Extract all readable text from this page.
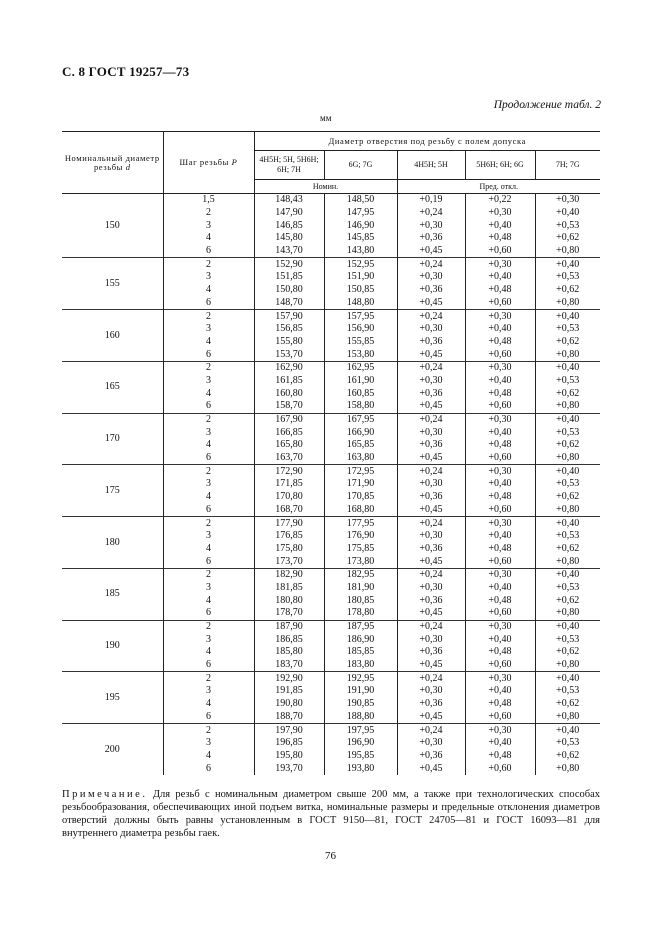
С. 8 ГОСТ 19257—73
Продолжение табл. 2
мм
Номинальный диаметр резьбы d	Шаг резьбы P	Диаметр отверстия под резьбу с полем допуска				
		4Н5Н; 5Н, 5Н6Н; 6Н; 7Н	6G; 7G	4Н5Н; 5Н	5Н6Н; 6Н; 6G	7Н; 7G
		Номин.		Пред. откл.		
150	1,5	148,43	148,50	+0,19	+0,22	+0,30
	2	147,90	147,95	+0,24	+0,30	+0,40
	3	146,85	146,90	+0,30	+0,40	+0,53
	4	145,80	145,85	+0,36	+0,48	+0,62
	6	143,70	143,80	+0,45	+0,60	+0,80
155	2	152,90	152,95	+0,24	+0,30	+0,40
	3	151,85	151,90	+0,30	+0,40	+0,53
	4	150,80	150,85	+0,36	+0,48	+0,62
	6	148,70	148,80	+0,45	+0,60	+0,80
160	2	157,90	157,95	+0,24	+0,30	+0,40
	3	156,85	156,90	+0,30	+0,40	+0,53
	4	155,80	155,85	+0,36	+0,48	+0,62
	6	153,70	153,80	+0,45	+0,60	+0,80
165	2	162,90	162,95	+0,24	+0,30	+0,40
	3	161,85	161,90	+0,30	+0,40	+0,53
	4	160,80	160,85	+0,36	+0,48	+0,62
	6	158,70	158,80	+0,45	+0,60	+0,80
170	2	167,90	167,95	+0,24	+0,30	+0,40
	3	166,85	166,90	+0,30	+0,40	+0,53
	4	165,80	165,85	+0,36	+0,48	+0,62
	6	163,70	163,80	+0,45	+0,60	+0,80
175	2	172,90	172,95	+0,24	+0,30	+0,40
	3	171,85	171,90	+0,30	+0,40	+0,53
	4	170,80	170,85	+0,36	+0,48	+0,62
	6	168,70	168,80	+0,45	+0,60	+0,80
180	2	177,90	177,95	+0,24	+0,30	+0,40
	3	176,85	176,90	+0,30	+0,40	+0,53
	4	175,80	175,85	+0,36	+0,48	+0,62
	6	173,70	173,80	+0,45	+0,60	+0,80
185	2	182,90	182,95	+0,24	+0,30	+0,40
	3	181,85	181,90	+0,30	+0,40	+0,53
	4	180,80	180,85	+0,36	+0,48	+0,62
	6	178,70	178,80	+0,45	+0,60	+0,80
190	2	187,90	187,95	+0,24	+0,30	+0,40
	3	186,85	186,90	+0,30	+0,40	+0,53
	4	185,80	185,85	+0,36	+0,48	+0,62
	6	183,70	183,80	+0,45	+0,60	+0,80
195	2	192,90	192,95	+0,24	+0,30	+0,40
	3	191,85	191,90	+0,30	+0,40	+0,53
	4	190,80	190,85	+0,36	+0,48	+0,62
	6	188,70	188,80	+0,45	+0,60	+0,80
200	2	197,90	197,95	+0,24	+0,30	+0,40
	3	196,85	196,90	+0,30	+0,40	+0,53
	4	195,80	195,85	+0,36	+0,48	+0,62
	6	193,70	193,80	+0,45	+0,60	+0,80
Примечание. Для резьб с номинальным диаметром свыше 200 мм, а также при технологических способах резьбообразования, обеспечивающих иной подъем витка, номинальные размеры и предельные отклонения диаметров отверстий должны быть равны установленным в ГОСТ 9150—81, ГОСТ 24705—81 и ГОСТ 16093—81 для внутреннего диаметра резьбы гаек.
76
